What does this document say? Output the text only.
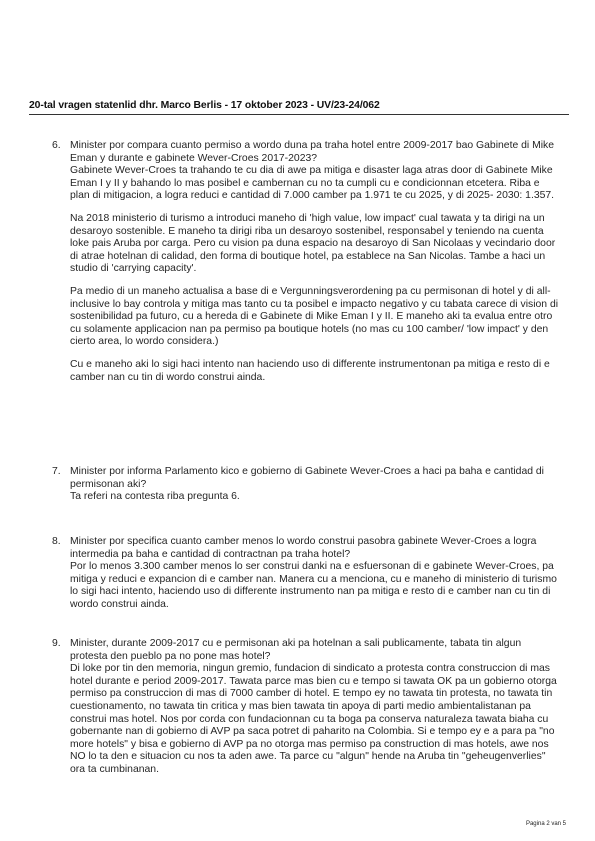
20-tal vragen statenlid dhr. Marco Berlis - 17 oktober 2023 - UV/23-24/062
6. Minister por compara cuanto permiso a wordo duna pa traha hotel entre 2009-2017 bao Gabinete di Mike Eman y durante e gabinete Wever-Croes 2017-2023?
Gabinete Wever-Croes ta trahando te cu dia di awe pa mitiga e disaster laga atras door di Gabinete Mike Eman I y II y bahando lo mas posibel e cambernan cu no ta cumpli cu e condicionnan etcetera. Riba e plan di mitigacion, a logra reduci e cantidad di 7.000 camber pa 1.971 te cu 2025, y di 2025- 2030: 1.357.
Na 2018 ministerio di turismo a introduci maneho di 'high value, low impact' cual tawata y ta dirigi na un desaroyo sostenible. E maneho ta dirigi riba un desaroyo sostenibel, responsabel y teniendo na cuenta loke pais Aruba por carga. Pero cu vision pa duna espacio na desaroyo di San Nicolaas y vecindario door di atrae hotelnan di calidad, den forma di boutique hotel, pa establece na San Nicolas. Tambe a haci un studio di 'carrying capacity'.
Pa medio di un maneho actualisa a base di e Vergunningsverordening pa cu permisonan di hotel y di all-inclusive lo bay controla y mitiga mas tanto cu ta posibel e impacto negativo y cu tabata carece di vision di sostenibilidad pa futuro, cu a hereda di e Gabinete di Mike Eman I y II. E maneho aki ta evalua entre otro cu solamente applicacion nan pa permiso pa boutique hotels (no mas cu 100 camber/ 'low impact' y den cierto area, lo wordo considera.)
Cu e maneho aki lo sigi haci intento nan haciendo uso di differente instrumentonan pa mitiga e resto di e camber nan cu tin di wordo construi ainda.
7. Minister por informa Parlamento kico e gobierno di Gabinete Wever-Croes a haci pa baha e cantidad di permisonan aki?
Ta referi na contesta riba pregunta 6.
8. Minister por specifica cuanto camber menos lo wordo construi pasobra gabinete Wever-Croes a logra intermedia pa baha e cantidad di contractnan pa traha hotel?
Por lo menos 3.300 camber menos lo ser construi danki na e esfuersonan di e gabinete Wever-Croes, pa mitiga y reduci e expancion di e camber nan. Manera cu a menciona, cu e maneho di ministerio di turismo lo sigi haci intento, haciendo uso di differente instrumento nan pa mitiga e resto di e camber nan cu tin di wordo construi ainda.
9. Minister, durante 2009-2017 cu e permisonan aki pa hotelnan a sali publicamente, tabata tin algun protesta den pueblo pa no pone mas hotel?
Di loke por tin den memoria, ningun gremio, fundacion di sindicato a protesta contra construccion di mas hotel durante e period 2009-2017. Tawata parce mas bien cu e tempo si tawata OK pa un gobierno otorga permiso pa construccion di mas di 7000 camber di hotel. E tempo ey no tawata tin protesta, no tawata tin cuestionamento, no tawata tin critica y mas bien tawata tin apoya di parti medio ambientalistanan pa construi mas hotel. Nos por corda con fundacionnan cu ta boga pa conserva naturaleza tawata biaha cu gobernante nan di gobierno di AVP pa saca potret di paharito na Colombia. Si e tempo ey e a para pa "no more hotels" y bisa e gobierno di AVP pa no otorga mas permiso pa construction di mas hotels, awe nos NO lo ta den e situacion cu nos ta aden awe. Ta parce cu "algun" hende na Aruba tin "geheugenverlies" ora ta cumbinanan.
Pagina 2 van 5
